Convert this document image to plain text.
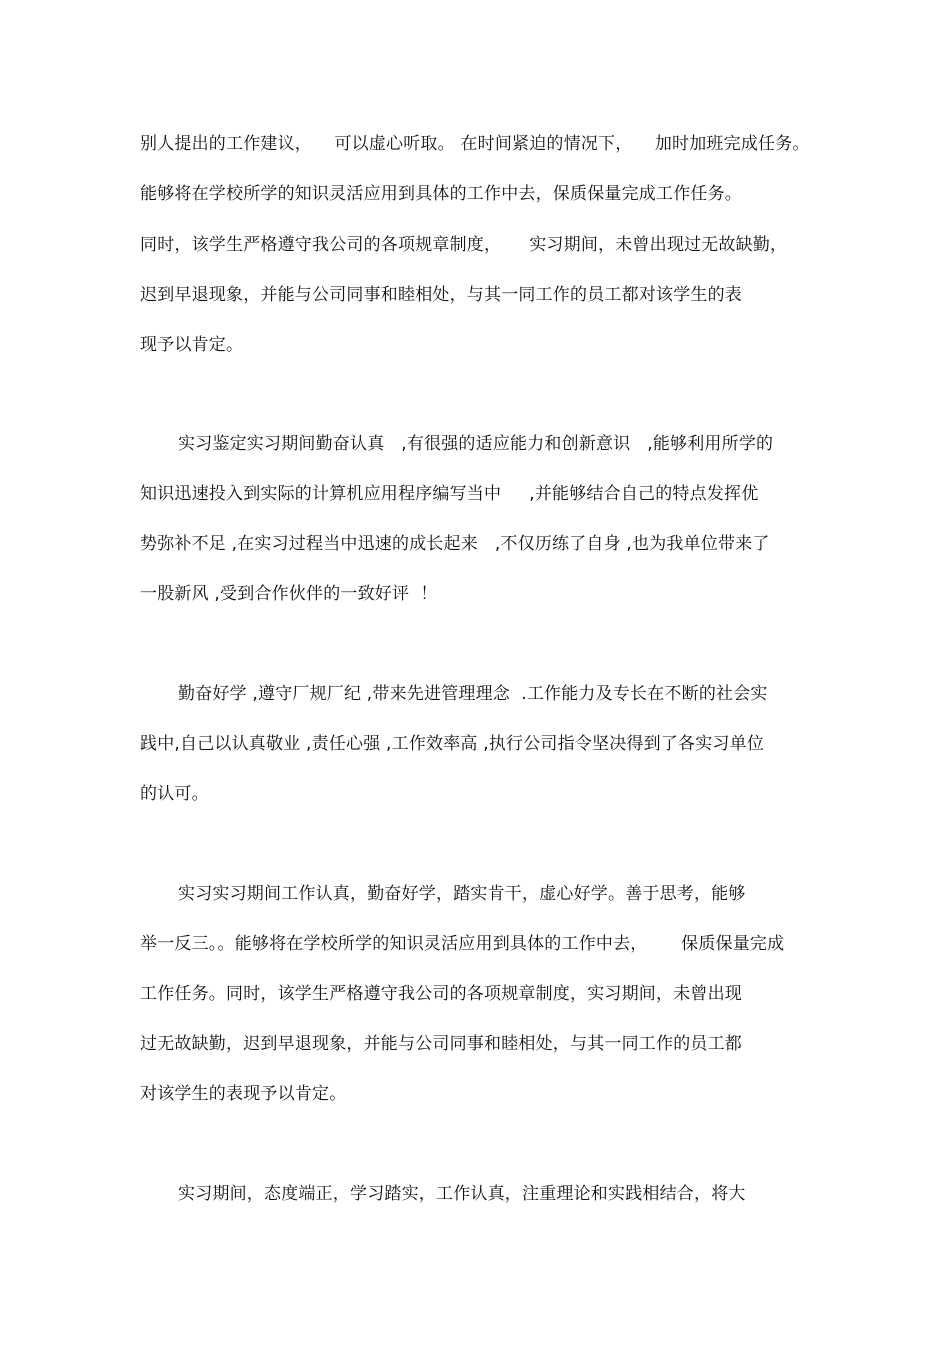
别人提出的工作建议，    可以虚心听取。 在时间紧迫的情况下，    加时加班完成任务。
能够将在学校所学的知识灵活应用到具体的工作中去，保质保量完成工作任务。
同时，该学生严格遵守我公司的各项规章制度，     实习期间，未曾出现过无故缺勤，
迟到早退现象，并能与公司同事和睦相处，与其一同工作的员工都对该学生的表
现予以肯定。
实习鉴定实习期间勤奋认真   ,有很强的适应能力和创新意识   ,能够利用所学的
知识迅速投入到实际的计算机应用程序编写当中     ,并能够结合自己的特点发挥优
势弥补不足 ,在实习过程当中迅速的成长起来   ,不仅历练了自身 ,也为我单位带来了
一股新风 ,受到合作伙伴的一致好评  ！
勤奋好学 ,遵守厂规厂纪 ,带来先进管理理念  .工作能力及专长在不断的社会实
践中,自己以认真敬业 ,责任心强 ,工作效率高 ,执行公司指令坚决得到了各实习单位
的认可。
实习实习期间工作认真，勤奋好学，踏实肯干，虚心好学。善于思考，能够
举一反三。。能够将在学校所学的知识灵活应用到具体的工作中去，      保质保量完成
工作任务。同时，该学生严格遵守我公司的各项规章制度，实习期间，未曾出现
过无故缺勤，迟到早退现象，并能与公司同事和睦相处，与其一同工作的员工都
对该学生的表现予以肯定。
实习期间，态度端正，学习踏实，工作认真，注重理论和实践相结合，将大
